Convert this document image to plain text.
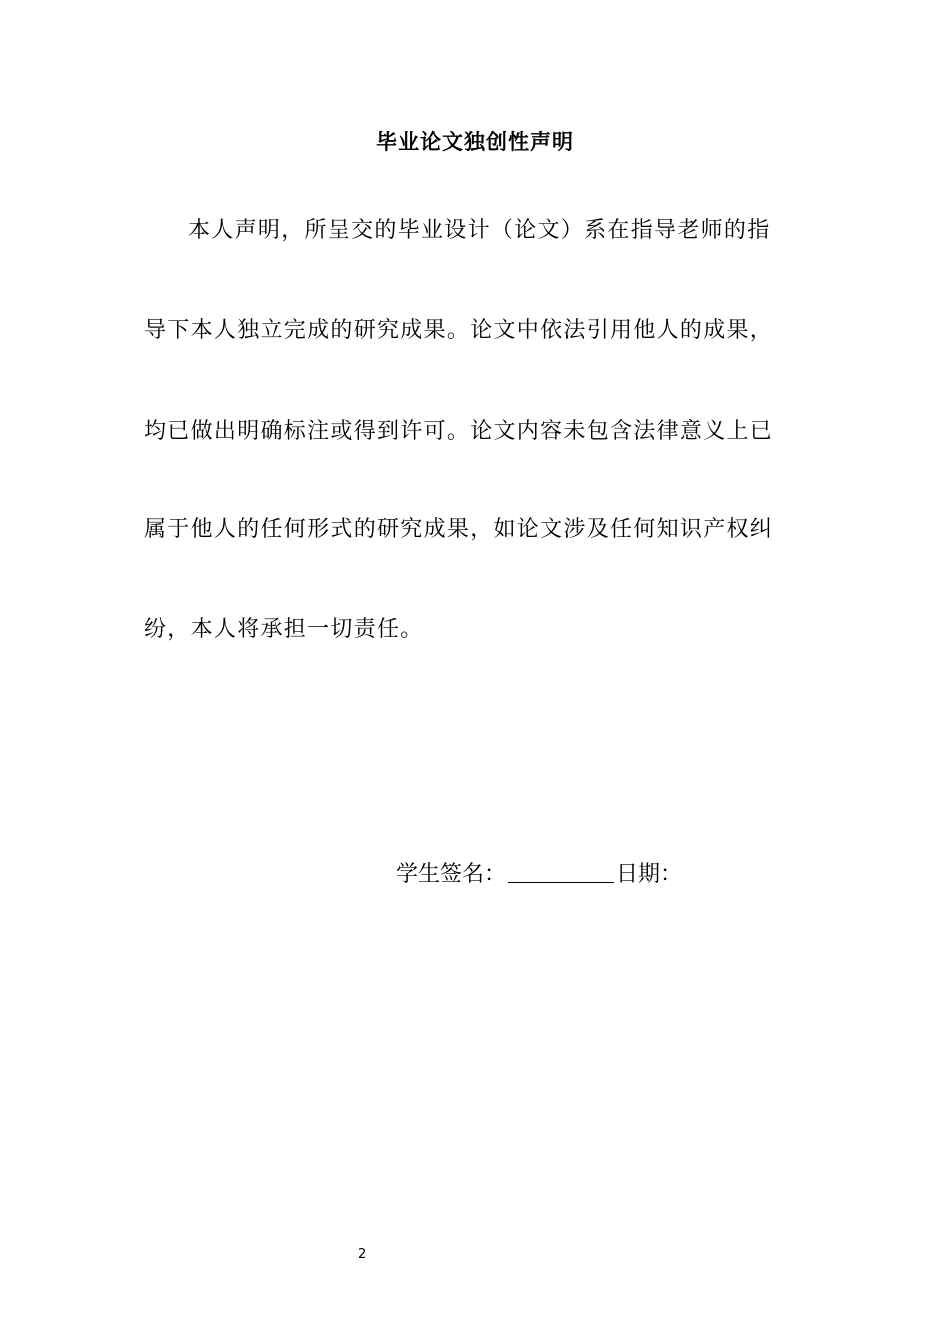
毕业论文独创性声明
本人声明，所呈交的毕业设计（论文）系在指导老师的指
导下本人独立完成的研究成果。论文中依法引用他人的成果，
均已做出明确标注或得到许可。论文内容未包含法律意义上已
属于他人的任何形式的研究成果，如论文涉及任何知识产权纠
纷，本人将承担一切责任。
学生签名：	日期：
2
